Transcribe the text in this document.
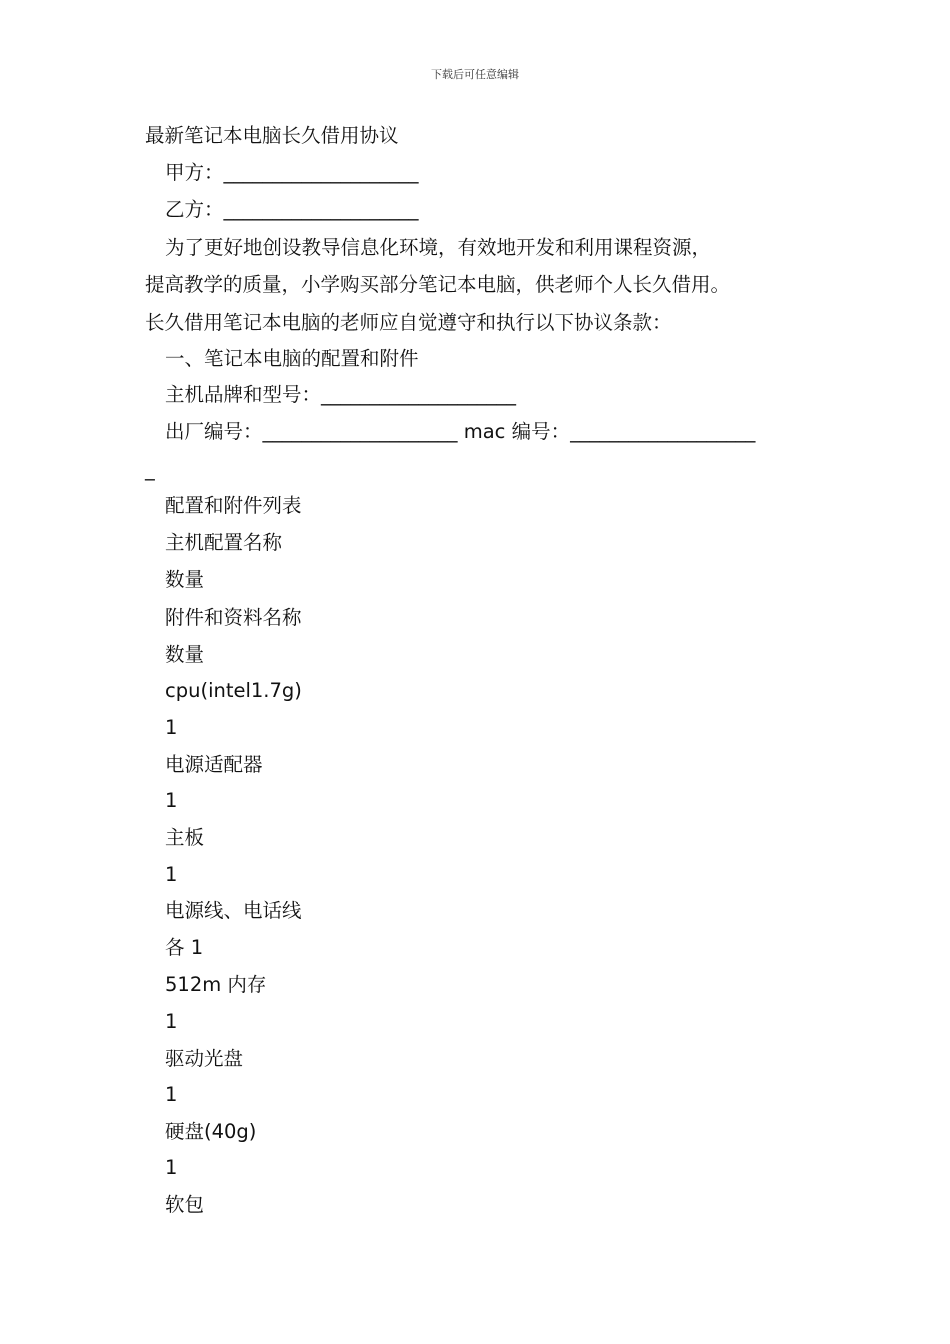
下载后可任意编辑
最新笔记本电脑长久借用协议
甲方：____________________
乙方：____________________
为了更好地创设教导信息化环境，有效地开发和利用课程资源，
提高教学的质量，小学购买部分笔记本电脑，供老师个人长久借用。
长久借用笔记本电脑的老师应自觉遵守和执行以下协议条款：
一、笔记本电脑的配置和附件
主机品牌和型号：____________________
出厂编号：____________________ mac 编号：___________________
_
配置和附件列表
主机配置名称
数量
附件和资料名称
数量
cpu(intel1.7g)
1
电源适配器
1
主板
1
电源线、电话线
各 1
512m 内存
1
驱动光盘
1
硬盘(40g)
1
软包
